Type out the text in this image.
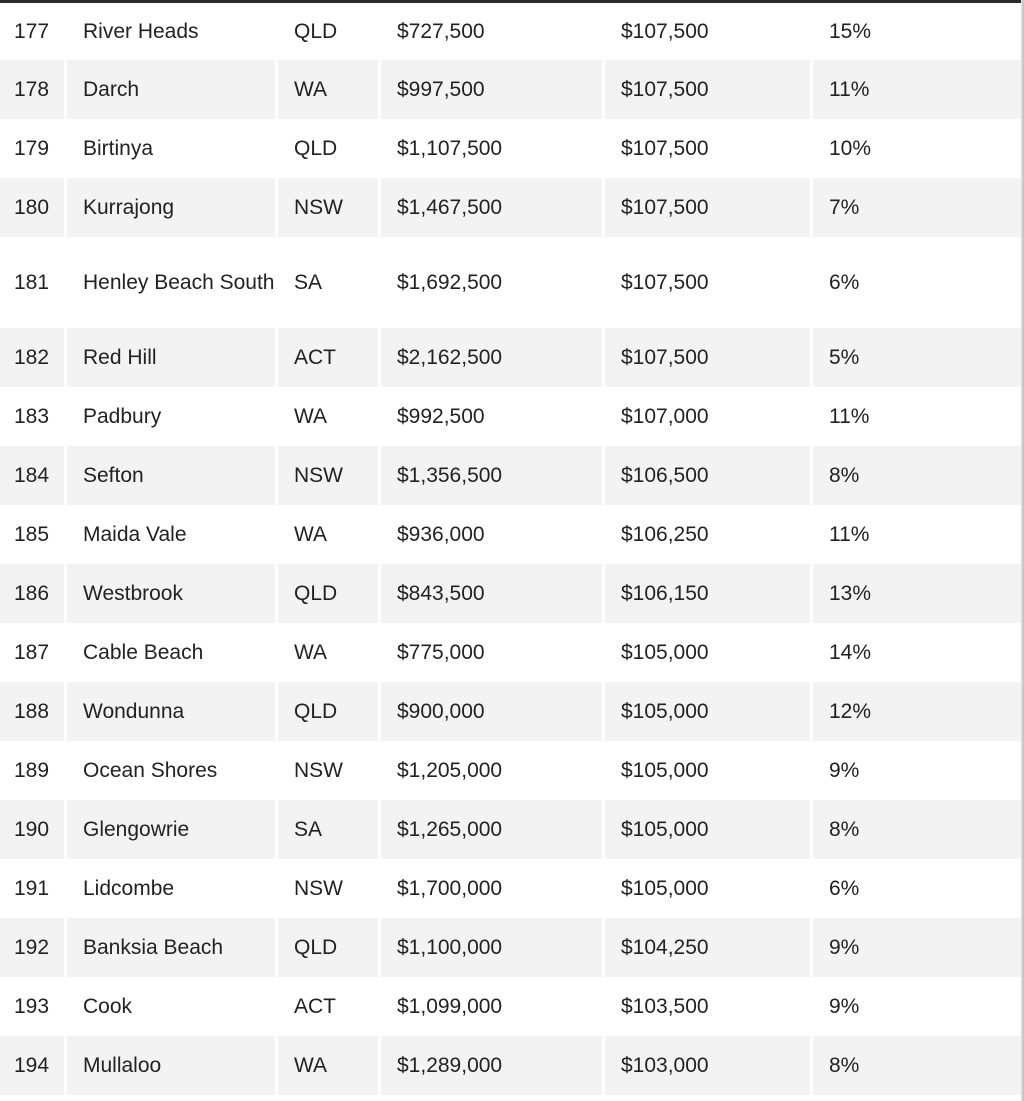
177	River Heads	QLD	$727,500	$107,500	15%
178	Darch	WA	$997,500	$107,500	11%
179	Birtinya	QLD	$1,107,500	$107,500	10%
180	Kurrajong	NSW	$1,467,500	$107,500	7%
181	Henley Beach South	SA	$1,692,500	$107,500	6%
182	Red Hill	ACT	$2,162,500	$107,500	5%
183	Padbury	WA	$992,500	$107,000	11%
184	Sefton	NSW	$1,356,500	$106,500	8%
185	Maida Vale	WA	$936,000	$106,250	11%
186	Westbrook	QLD	$843,500	$106,150	13%
187	Cable Beach	WA	$775,000	$105,000	14%
188	Wondunna	QLD	$900,000	$105,000	12%
189	Ocean Shores	NSW	$1,205,000	$105,000	9%
190	Glengowrie	SA	$1,265,000	$105,000	8%
191	Lidcombe	NSW	$1,700,000	$105,000	6%
192	Banksia Beach	QLD	$1,100,000	$104,250	9%
193	Cook	ACT	$1,099,000	$103,500	9%
194	Mullaloo	WA	$1,289,000	$103,000	8%
